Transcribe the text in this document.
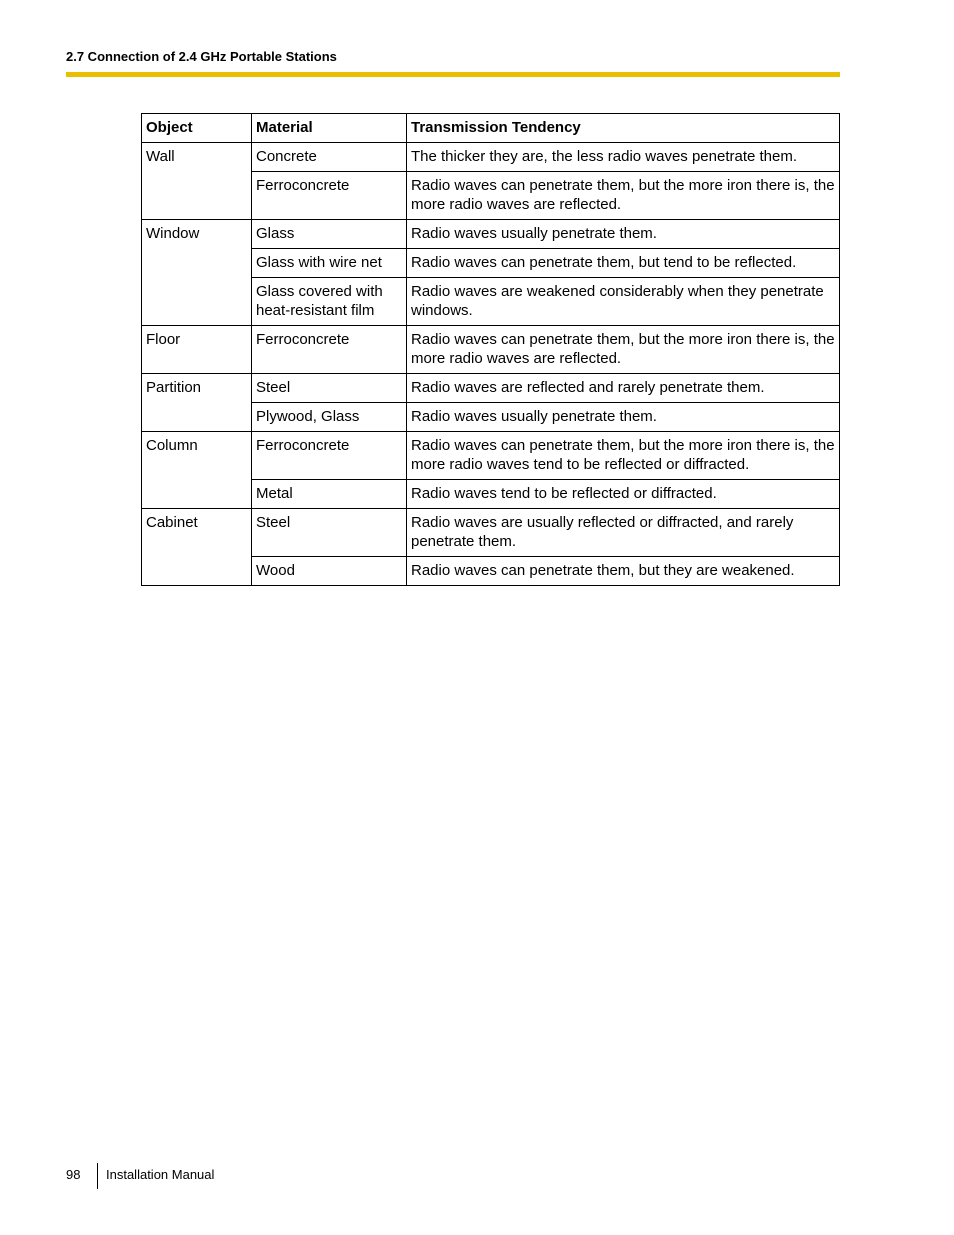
2.7 Connection of 2.4 GHz Portable Stations
Object	Material	Transmission Tendency
Wall	Concrete	The thicker they are, the less radio waves penetrate them.
	Ferroconcrete	Radio waves can penetrate them, but the more iron there is, the more radio waves are reflected.
Window	Glass	Radio waves usually penetrate them.
	Glass with wire net	Radio waves can penetrate them, but tend to be reflected.
	Glass covered with heat-resistant film	Radio waves are weakened considerably when they penetrate windows.
Floor	Ferroconcrete	Radio waves can penetrate them, but the more iron there is, the more radio waves are reflected.
Partition	Steel	Radio waves are reflected and rarely penetrate them.
	Plywood, Glass	Radio waves usually penetrate them.
Column	Ferroconcrete	Radio waves can penetrate them, but the more iron there is, the more radio waves tend to be reflected or diffracted.
	Metal	Radio waves tend to be reflected or diffracted.
Cabinet	Steel	Radio waves are usually reflected or diffracted, and rarely penetrate them.
	Wood	Radio waves can penetrate them, but they are weakened.
98 Installation Manual
